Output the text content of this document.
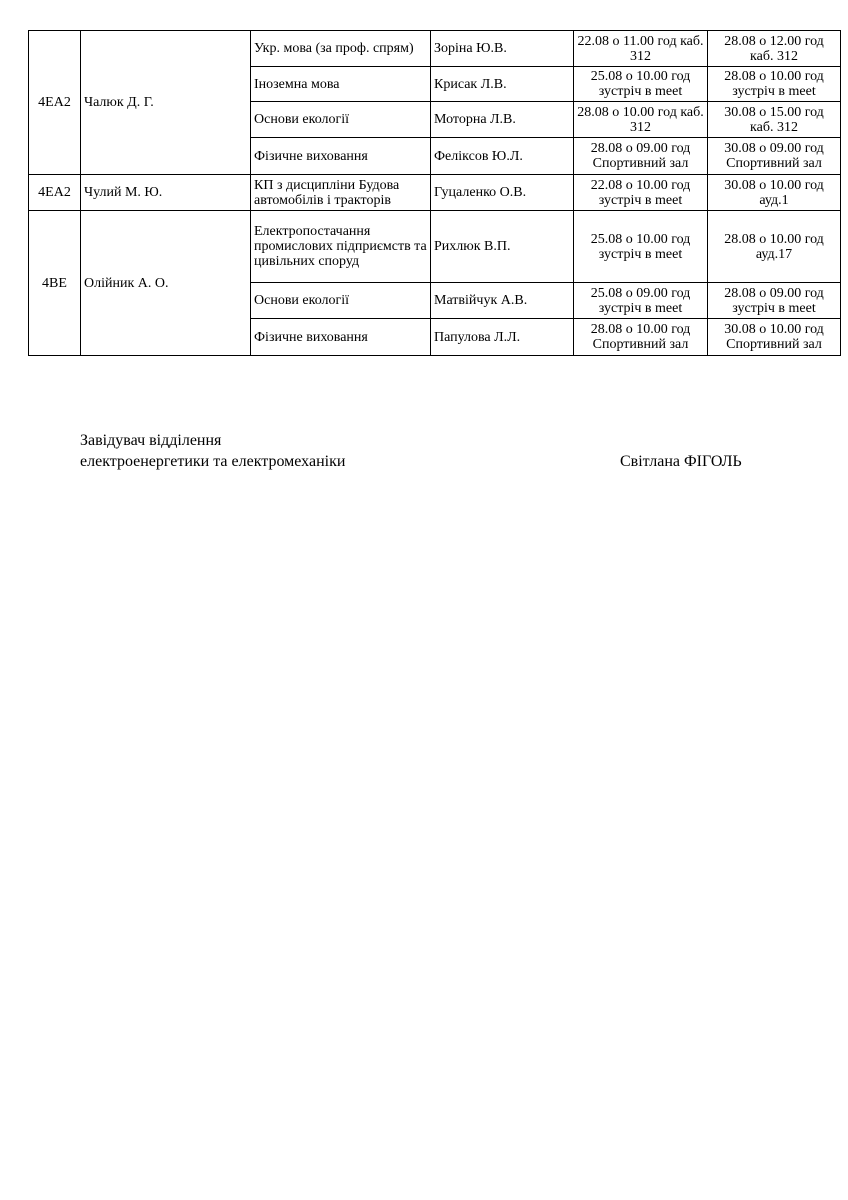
4ЕА2	Чалюк Д. Г.	Укр. мова (за проф. спрям)	Зоріна Ю.В.	22.08 о 11.00 год каб. 312	28.08 о 12.00 год каб. 312
		Іноземна мова	Крисак Л.В.	25.08 о 10.00 год зустріч в meet	28.08 о 10.00 год зустріч в meet
		Основи екології	Моторна Л.В.	28.08 о 10.00 год каб. 312	30.08 о 15.00 год каб. 312
		Фізичне виховання	Феліксов Ю.Л.	28.08 о 09.00 год Спортивний зал	30.08 о 09.00 год Спортивний зал
4ЕА2	Чулий М. Ю.	КП з дисципліни Будова автомобілів і тракторів	Гуцаленко О.В.	22.08 о 10.00 год зустріч в meet	30.08 о 10.00 год ауд.1
4ВЕ	Олійник А. О.	Електропостачання промислових підприємств та цивільних споруд	Рихлюк В.П.	25.08 о 10.00 год зустріч в meet	28.08 о 10.00 год ауд.17
		Основи екології	Матвійчук А.В.	25.08 о 09.00 год зустріч в meet	28.08 о 09.00 год зустріч в meet
		Фізичне виховання	Папулова Л.Л.	28.08 о 10.00 год Спортивний зал	30.08 о 10.00 год Спортивний зал
Завідувач відділення
електроенергетики та електромеханіки	Світлана ФІГОЛЬ
